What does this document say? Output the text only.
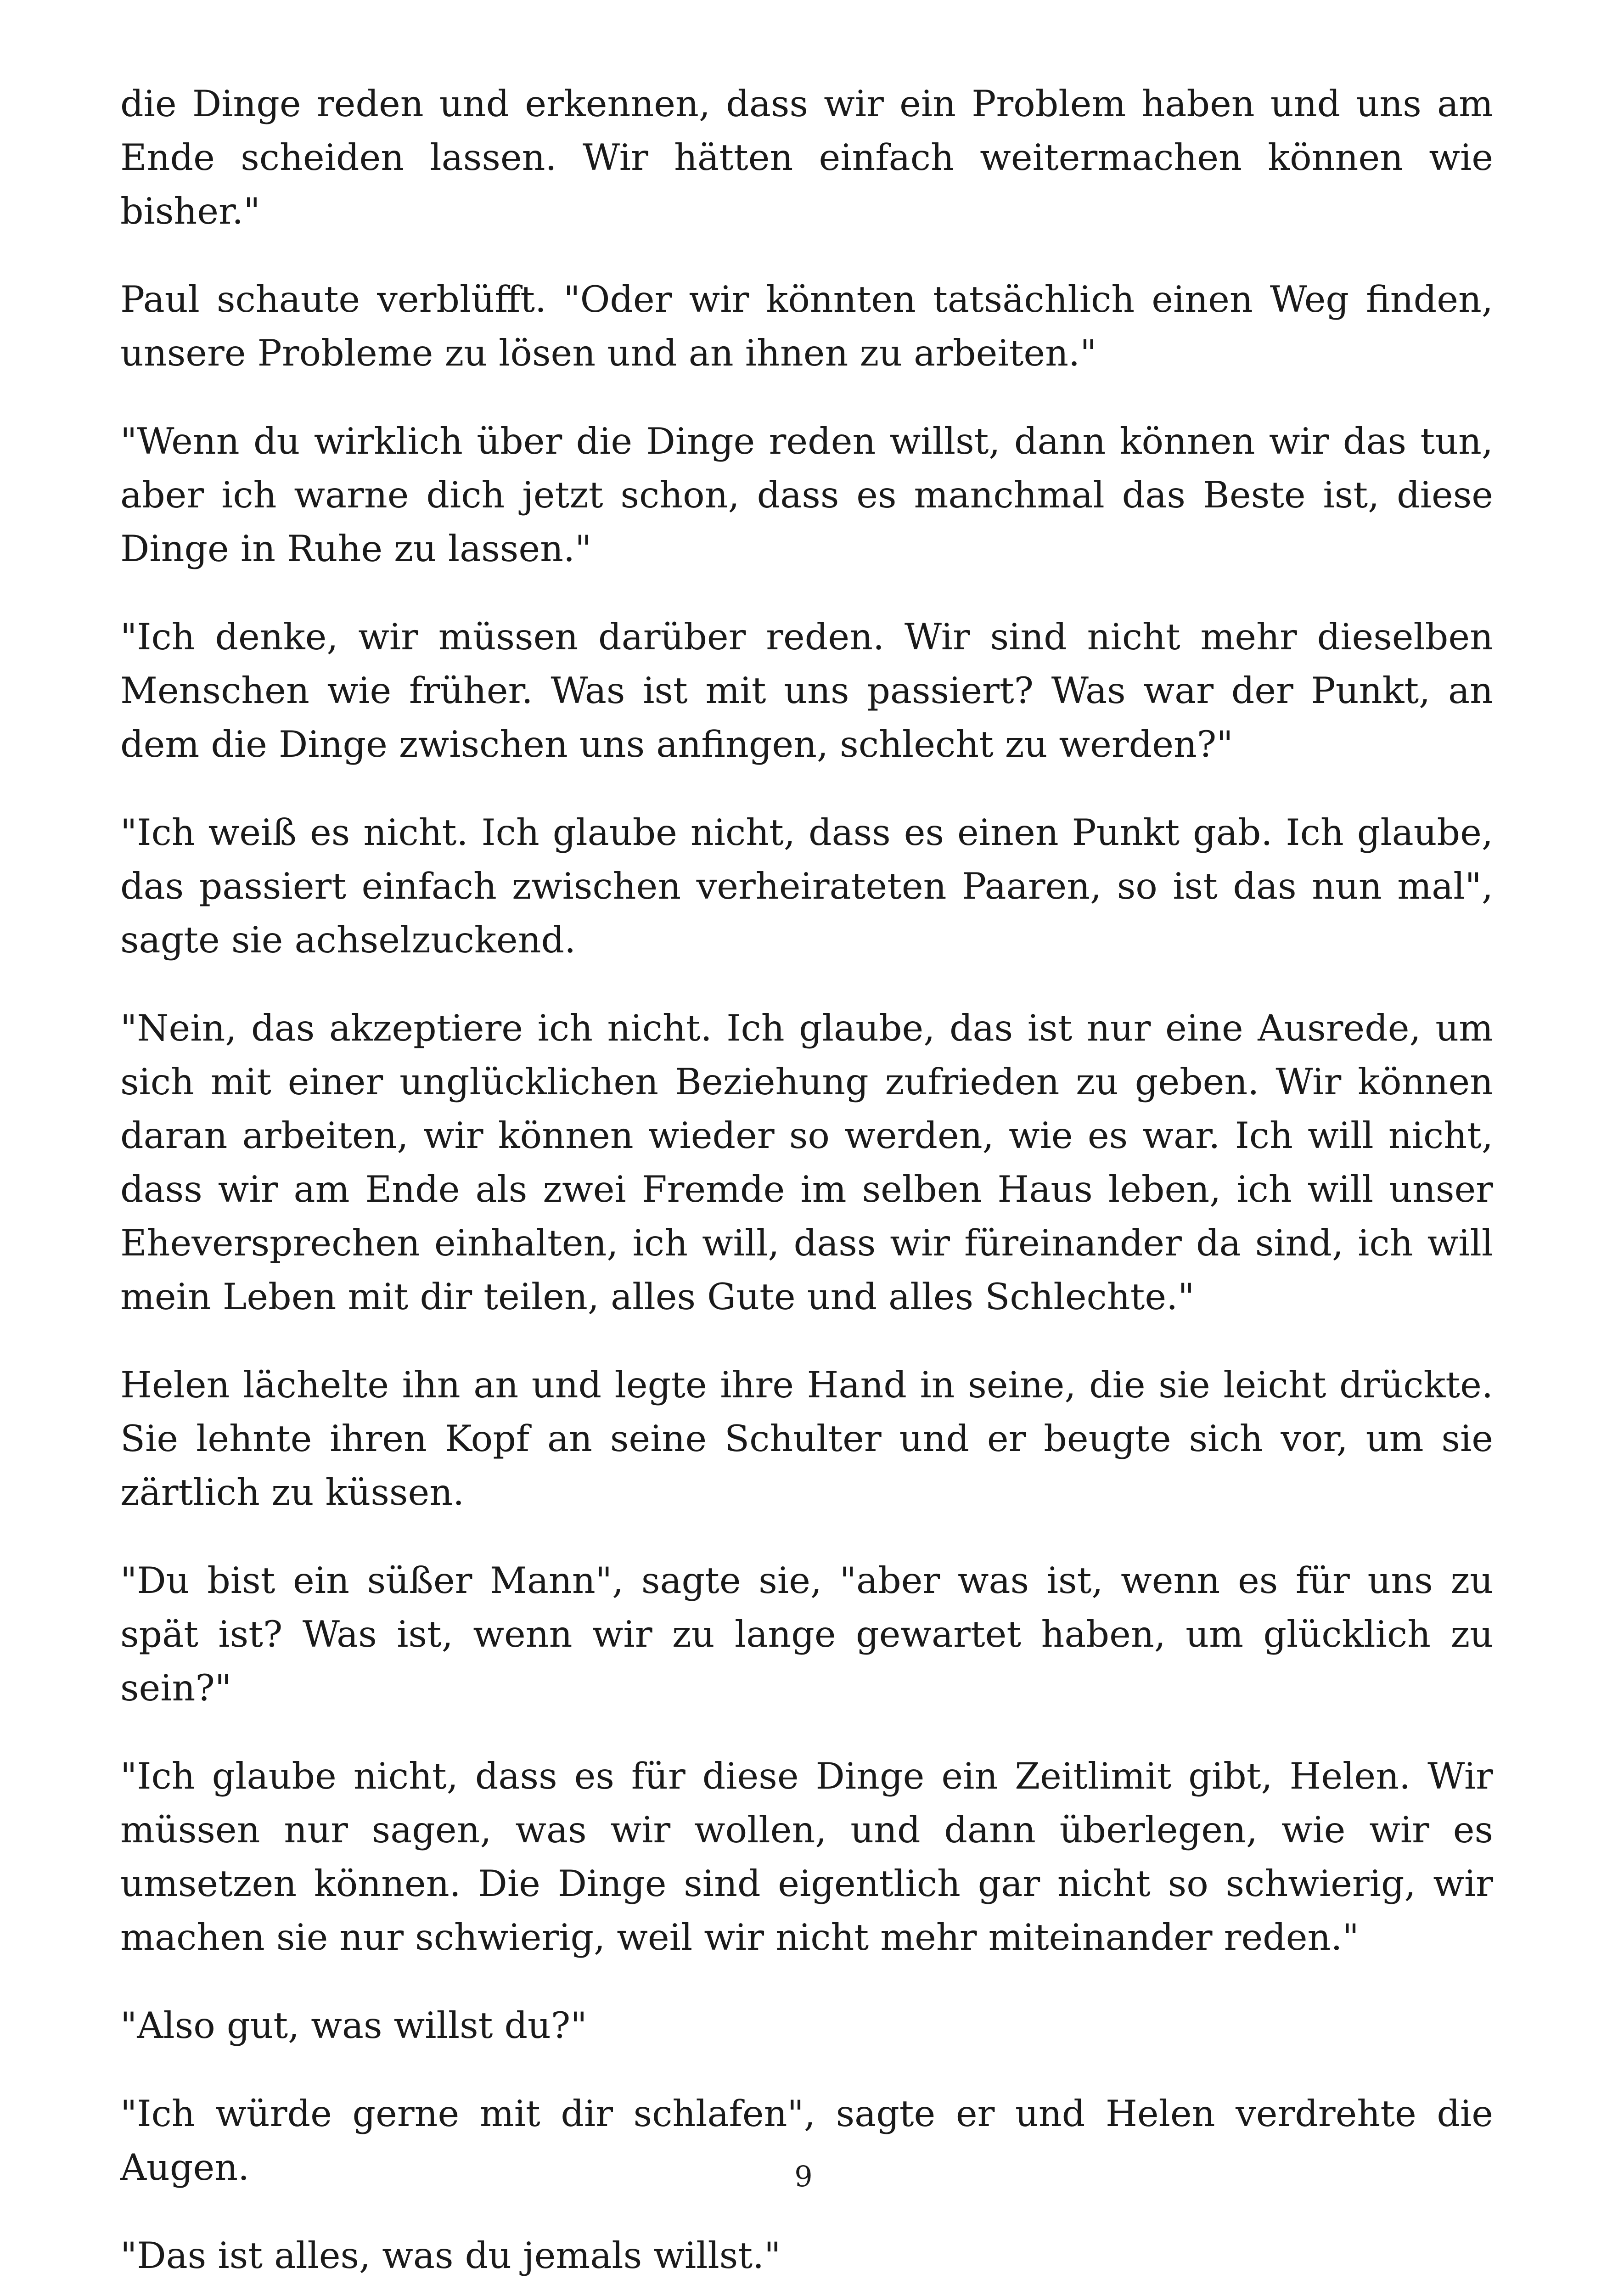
die Dinge reden und erkennen, dass wir ein Problem haben und uns am Ende scheiden lassen. Wir hätten einfach weitermachen können wie bisher."

Paul schaute verblüfft. "Oder wir könnten tatsächlich einen Weg finden, unsere Probleme zu lösen und an ihnen zu arbeiten."

"Wenn du wirklich über die Dinge reden willst, dann können wir das tun, aber ich warne dich jetzt schon, dass es manchmal das Beste ist, diese Dinge in Ruhe zu lassen."

"Ich denke, wir müssen darüber reden. Wir sind nicht mehr dieselben Menschen wie früher. Was ist mit uns passiert? Was war der Punkt, an dem die Dinge zwischen uns anfingen, schlecht zu werden?"

"Ich weiß es nicht. Ich glaube nicht, dass es einen Punkt gab. Ich glaube, das passiert einfach zwischen verheirateten Paaren, so ist das nun mal", sagte sie achselzuckend.

"Nein, das akzeptiere ich nicht. Ich glaube, das ist nur eine Ausrede, um sich mit einer unglücklichen Beziehung zufrieden zu geben. Wir können daran arbeiten, wir können wieder so werden, wie es war. Ich will nicht, dass wir am Ende als zwei Fremde im selben Haus leben, ich will unser Eheversprechen einhalten, ich will, dass wir füreinander da sind, ich will mein Leben mit dir teilen, alles Gute und alles Schlechte."

Helen lächelte ihn an und legte ihre Hand in seine, die sie leicht drückte. Sie lehnte ihren Kopf an seine Schulter und er beugte sich vor, um sie zärtlich zu küssen.

"Du bist ein süßer Mann", sagte sie, "aber was ist, wenn es für uns zu spät ist? Was ist, wenn wir zu lange gewartet haben, um glücklich zu sein?"

"Ich glaube nicht, dass es für diese Dinge ein Zeitlimit gibt, Helen. Wir müssen nur sagen, was wir wollen, und dann überlegen, wie wir es umsetzen können. Die Dinge sind eigentlich gar nicht so schwierig, wir machen sie nur schwierig, weil wir nicht mehr miteinander reden."

"Also gut, was willst du?"

"Ich würde gerne mit dir schlafen", sagte er und Helen verdrehte die Augen.

"Das ist alles, was du jemals willst."

9
